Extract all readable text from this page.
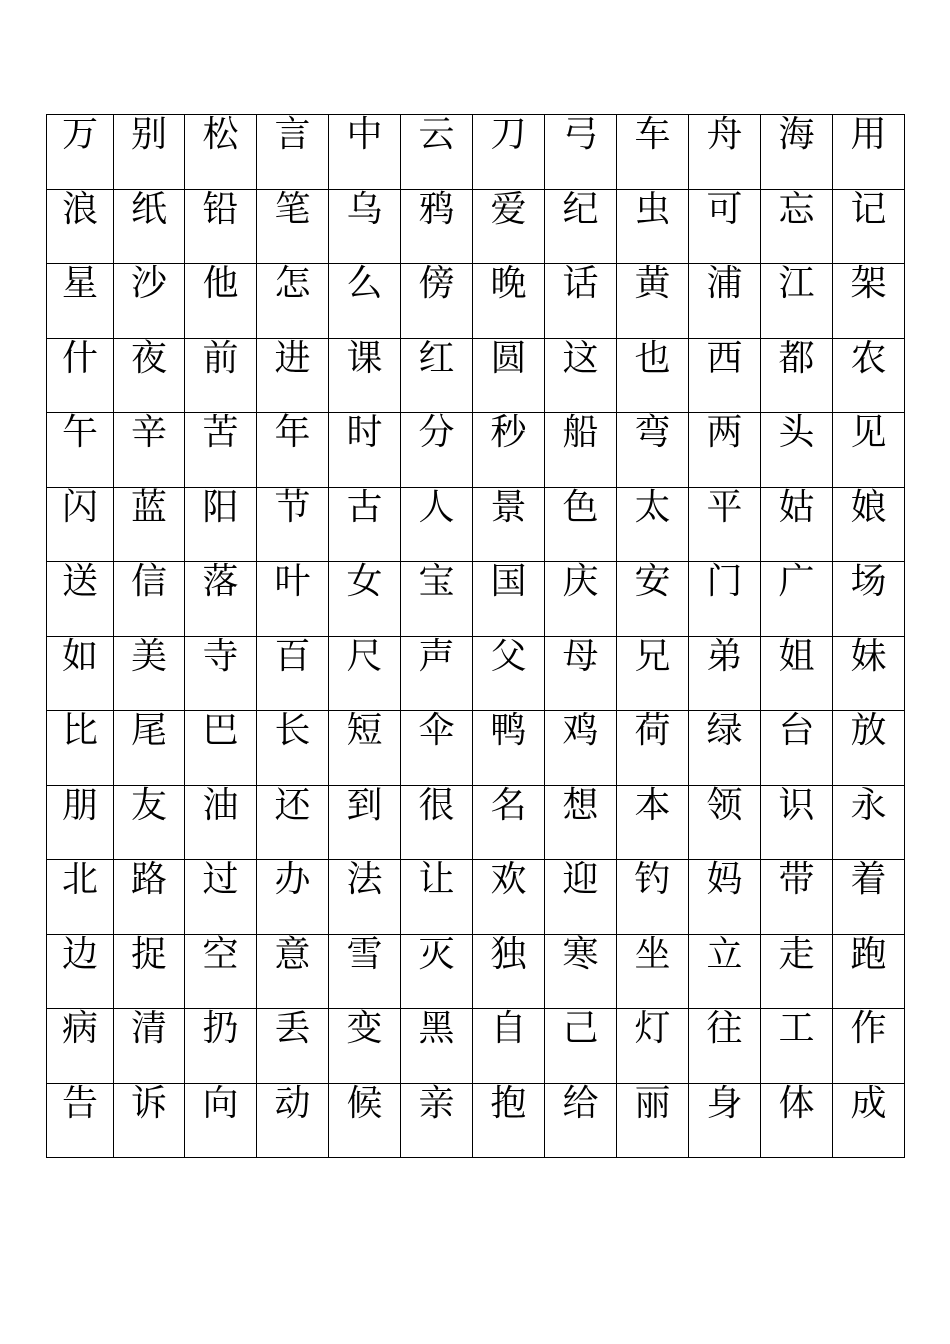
万	别	松	言	中	云	刀	弓	车	舟	海	用

浪	纸	铅	笔	乌	鸦	爱	纪	虫	可	忘	记

星	沙	他	怎	么	傍	晚	话	黄	浦	江	架

什	夜	前	进	课	红	圆	这	也	西	都	农

午	辛	苦	年	时	分	秒	船	弯	两	头	见

闪	蓝	阳	节	古	人	景	色	太	平	姑	娘

送	信	落	叶	女	宝	国	庆	安	门	广	场

如	美	寺	百	尺	声	父	母	兄	弟	姐	妹

比	尾	巴	长	短	伞	鸭	鸡	荷	绿	台	放

朋	友	油	还	到	很	名	想	本	领	识	永

北	路	过	办	法	让	欢	迎	钓	妈	带	着

边	捉	空	意	雪	灭	独	寒	坐	立	走	跑

病	清	扔	丢	变	黑	自	己	灯	往	工	作

告	诉	向	动	候	亲	抱	给	丽	身	体	成
